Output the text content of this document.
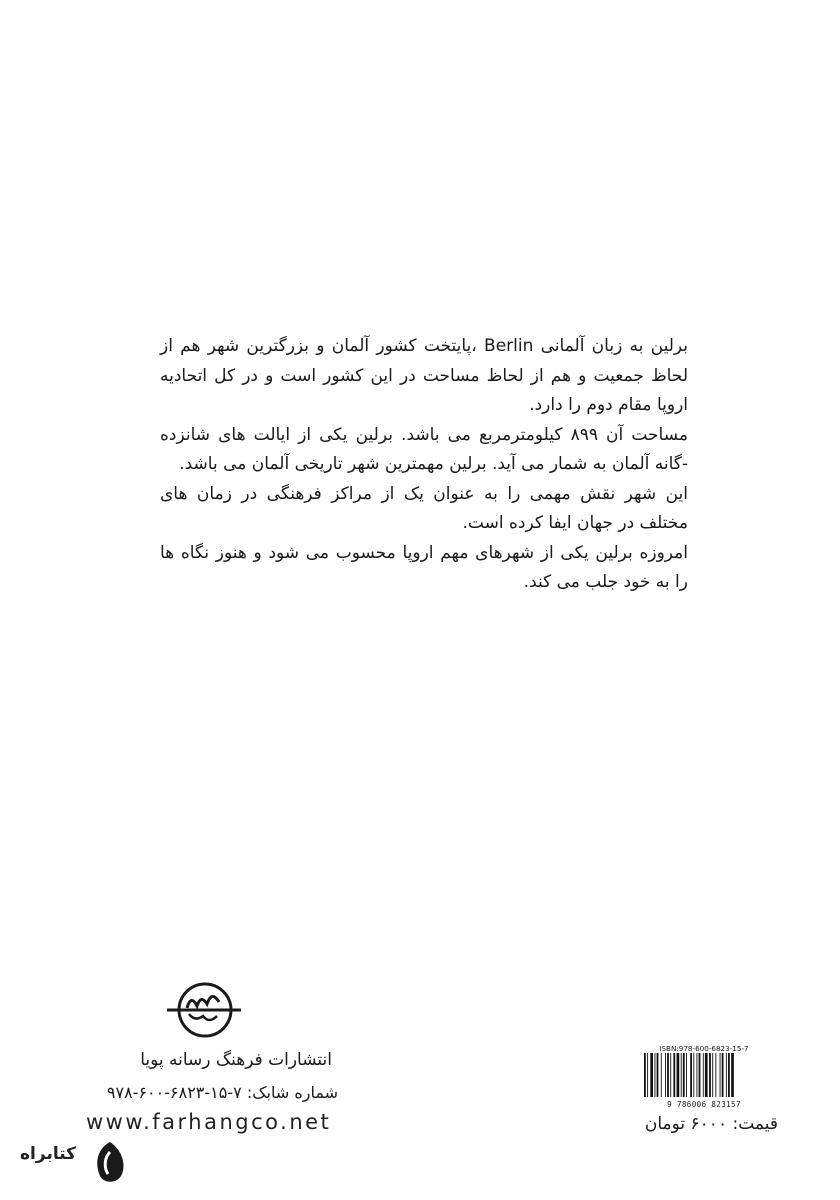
برلین به زبان آلمانی Berlin ،پایتخت کشور آلمان و بزرگترین شهر هم از لحاظ جمعیت و هم از لحاظ مساحت در این کشور است و در کل اتحادیه اروپا مقام دوم را دارد.

مساحت آن ۸۹۹ کیلومترمربع می باشد. برلین یکی از ایالت های شانزده -گانه آلمان به شمار می آید. برلین مهمترین شهر تاریخی آلمان می باشد.

این شهر نقش مهمی را به عنوان یک از مراکز فرهنگی در زمان های مختلف در جهان ایفا کرده است.

امروزه برلین یکی از شهرهای مهم اروپا محسوب می شود و هنوز نگاه ها را به خود جلب می کند.

انتشارات فرهنگ رسانه پویا
شماره شابک: ۷-۱۵-۶۸۲۳-۶۰۰-۹۷۸
www.farhangco.net
ISBN:978-600-6823-15-7
9 786006 823157
قیمت: ۶۰۰۰ تومان
کتابراه
